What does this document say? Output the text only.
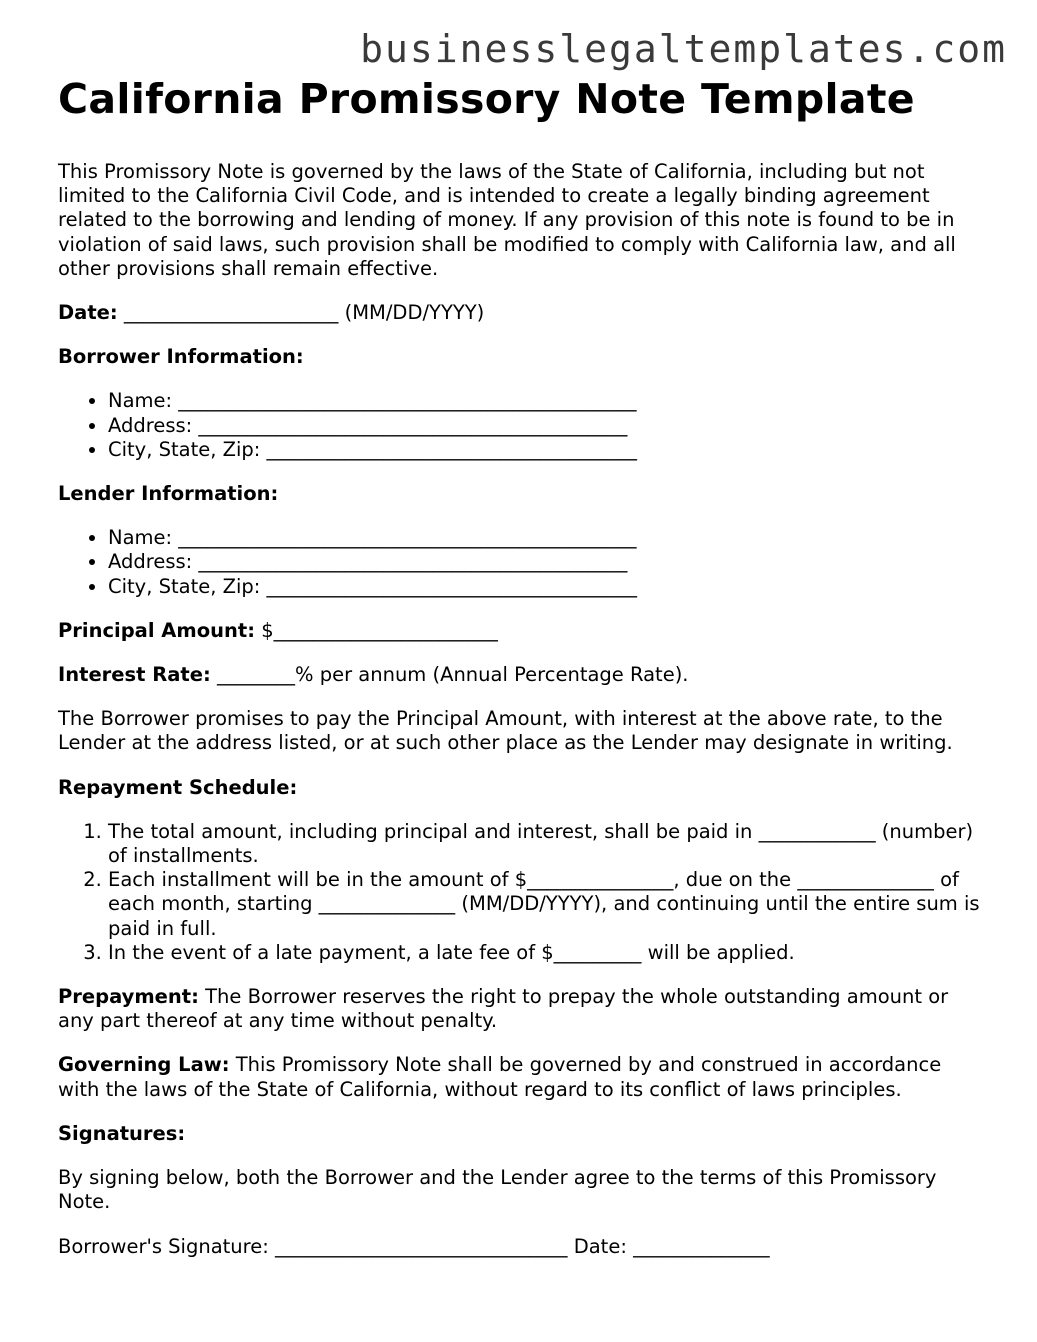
businesslegaltemplates.com
California Promissory Note Template

This Promissory Note is governed by the laws of the State of California, including but not limited to the California Civil Code, and is intended to create a legally binding agreement related to the borrowing and lending of money. If any provision of this note is found to be in violation of said laws, such provision shall be modified to comply with California law, and all other provisions shall remain effective.

Date: ______________________ (MM/DD/YYYY)

Borrower Information:

• Name: _______________________________________________
• Address: ____________________________________________
• City, State, Zip: ______________________________________

Lender Information:

• Name: _______________________________________________
• Address: ____________________________________________
• City, State, Zip: ______________________________________

Principal Amount: $_______________________

Interest Rate: ________% per annum (Annual Percentage Rate).

The Borrower promises to pay the Principal Amount, with interest at the above rate, to the Lender at the address listed, or at such other place as the Lender may designate in writing.

Repayment Schedule:

1. The total amount, including principal and interest, shall be paid in ____________ (number) of installments.
2. Each installment will be in the amount of $_______________, due on the ______________ of each month, starting ______________ (MM/DD/YYYY), and continuing until the entire sum is paid in full.
3. In the event of a late payment, a late fee of $_________ will be applied.

Prepayment: The Borrower reserves the right to prepay the whole outstanding amount or any part thereof at any time without penalty.

Governing Law: This Promissory Note shall be governed by and construed in accordance with the laws of the State of California, without regard to its conflict of laws principles.

Signatures:

By signing below, both the Borrower and the Lender agree to the terms of this Promissory Note.

Borrower's Signature: ______________________________ Date: ______________
